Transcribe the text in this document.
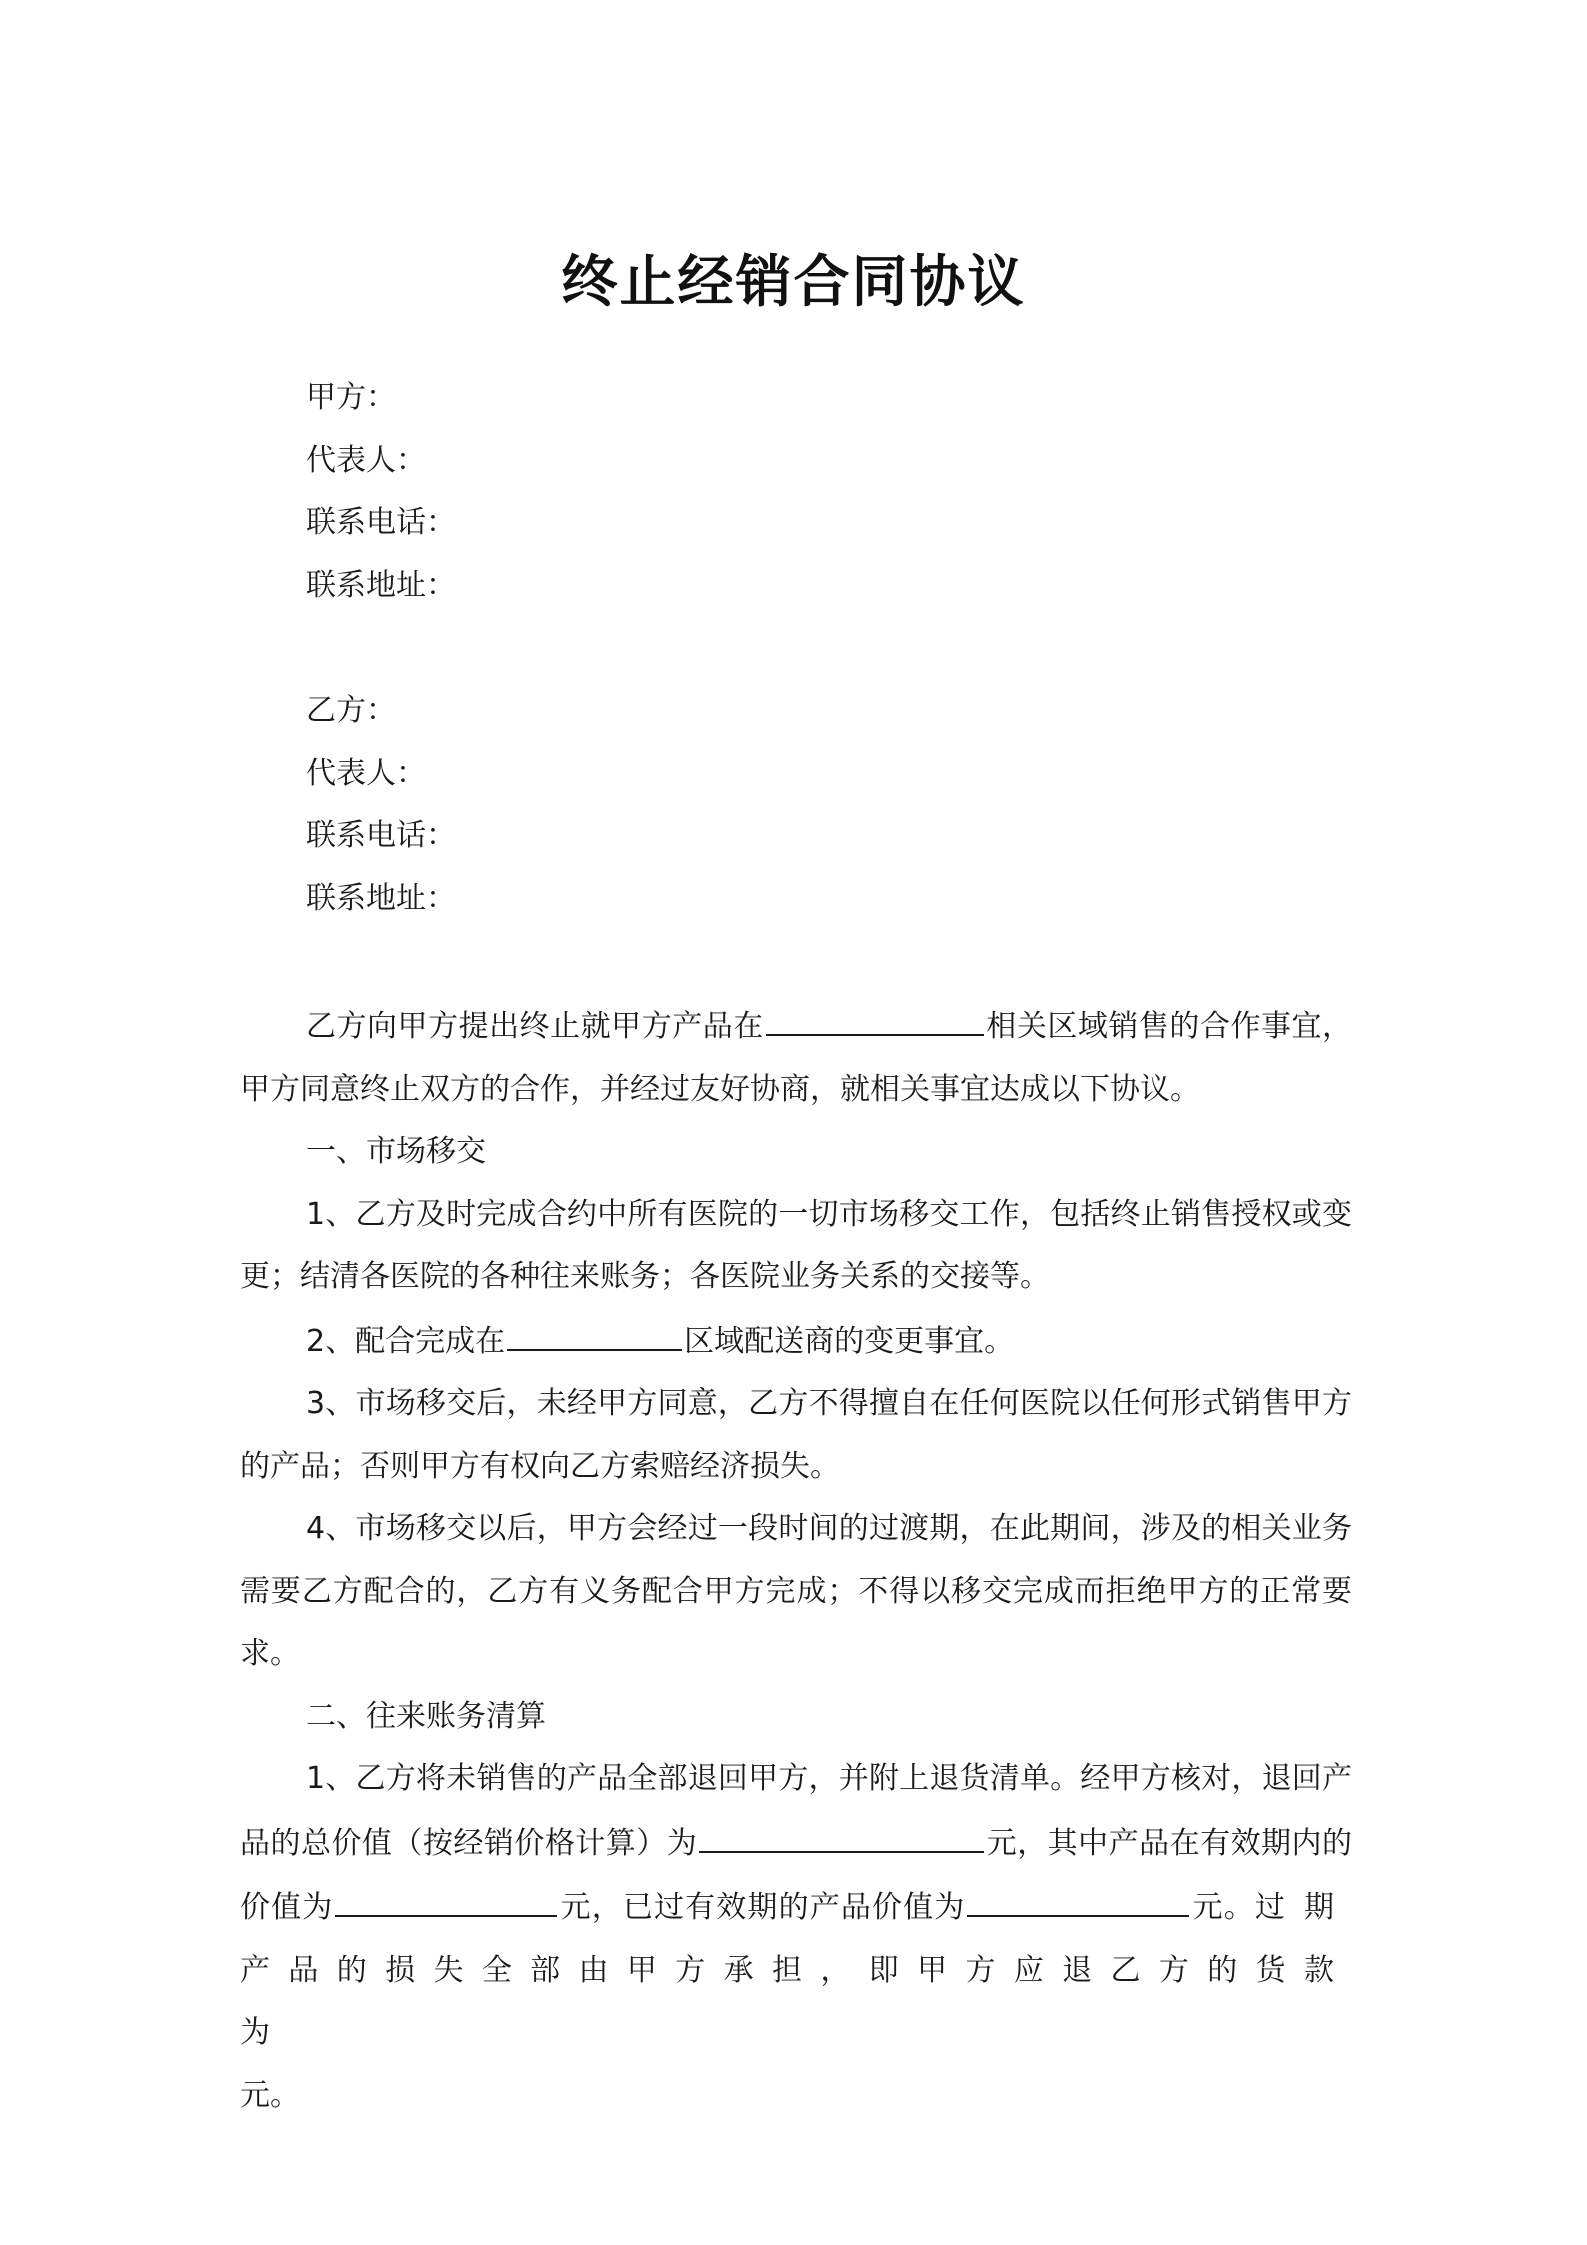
终止经销合同协议
甲方：
代表人：
联系电话：
联系地址：
乙方：
代表人：
联系电话：
联系地址：

乙方向甲方提出终止就甲方产品在	相关区域销售的合作事宜，甲方同意终止双方的合作，并经过友好协商，就相关事宜达成以下协议。

一、市场移交

1、乙方及时完成合约中所有医院的一切市场移交工作，包括终止销售授权或变更；结清各医院的各种往来账务；各医院业务关系的交接等。

2、配合完成在	区域配送商的变更事宜。

3、市场移交后，未经甲方同意，乙方不得擅自在任何医院以任何形式销售甲方的产品；否则甲方有权向乙方索赔经济损失。

4、市场移交以后，甲方会经过一段时间的过渡期，在此期间，涉及的相关业务需要乙方配合的，乙方有义务配合甲方完成；不得以移交完成而拒绝甲方的正常要求。

二、往来账务清算

1、乙方将未销售的产品全部退回甲方，并附上退货清单。经甲方核对，退回产品的总价值（按经销价格计算）为	元，其中产品在有效期内的价值为	元，已过有效期的产品价值为	元。过期产品的损失全部由甲方承担，即甲方应退乙方的货款为
元。
